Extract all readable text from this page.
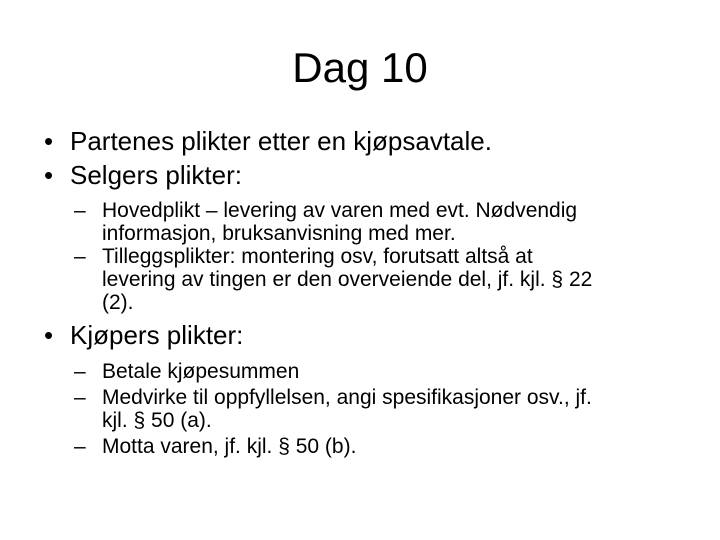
Dag 10
• Partenes plikter etter en kjøpsavtale.
• Selgers plikter:
– Hovedplikt – levering av varen med evt. Nødvendig
informasjon, bruksanvisning med mer.
– Tilleggsplikter: montering osv, forutsatt altså at
levering av tingen er den overveiende del, jf. kjl. § 22
(2).
• Kjøpers plikter:
– Betale kjøpesummen
– Medvirke til oppfyllelsen, angi spesifikasjoner osv., jf.
kjl. § 50 (a).
– Motta varen, jf. kjl. § 50 (b).
